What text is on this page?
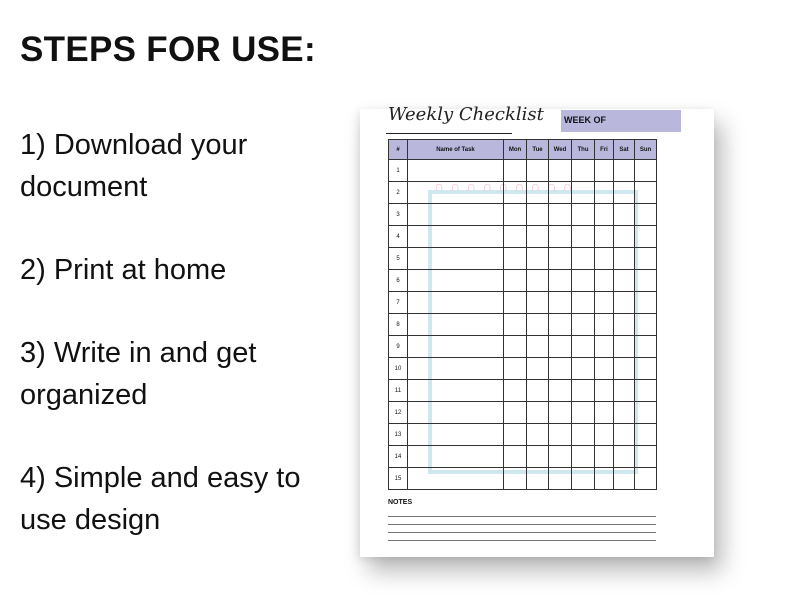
STEPS FOR USE:
1) Download your document
2) Print at home
3) Write in and get organized
4) Simple and easy to use design
∩∩∩∩∩∩∩∩∩

Weekly Checklist WEEK OF
#	Name of Task	Mon	Tue	Wed	Thu	Fri	Sat	Sun
1								
2								
3								
4								
5								
6								
7								
8								
9								
10								
11								
12								
13								
14								
15								
NOTES
